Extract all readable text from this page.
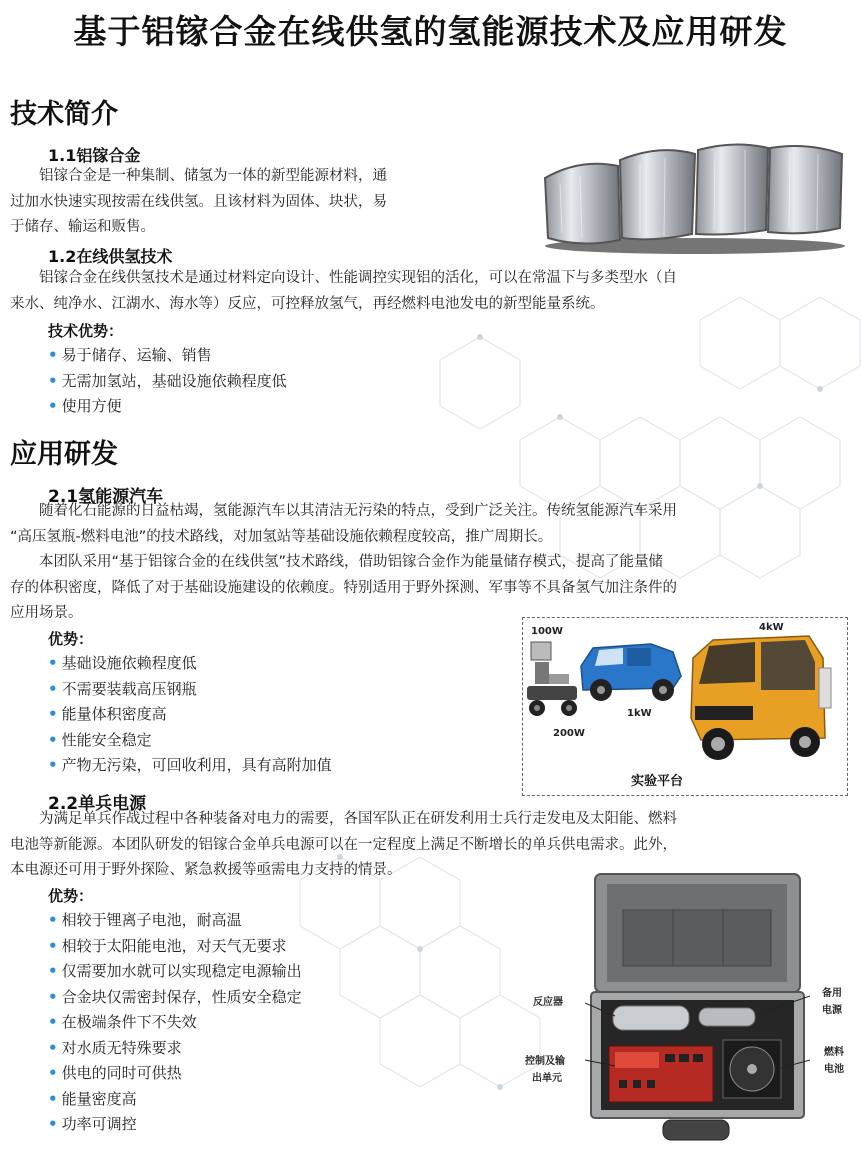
基于铝镓合金在线供氢的氢能源技术及应用研发
技术简介
1.1铝镓合金
铝镓合金是一种集制、储氢为一体的新型能源材料，通
过加水快速实现按需在线供氢。且该材料为固体、块状，易
于储存、输运和贩售。
1.2在线供氢技术
铝镓合金在线供氢技术是通过材料定向设计、性能调控实现铝的活化，可以在常温下与多类型水（自
来水、纯净水、江湖水、海水等）反应，可控释放氢气，再经燃料电池发电的新型能量系统。
技术优势：
• 易于储存、运输、销售
• 无需加氢站，基础设施依赖程度低
• 使用方便
应用研发
2.1氢能源汽车
随着化石能源的日益枯竭，氢能源汽车以其清洁无污染的特点，受到广泛关注。传统氢能源汽车采用
“高压氢瓶-燃料电池”的技术路线，对加氢站等基础设施依赖程度较高，推广周期长。
本团队采用“基于铝镓合金的在线供氢”技术路线，借助铝镓合金作为能量储存模式，提高了能量储
存的体积密度，降低了对于基础设施建设的依赖度。特别适用于野外探测、军事等不具备氢气加注条件的
应用场景。
优势：
• 基础设施依赖程度低
• 不需要装载高压钢瓶
• 能量体积密度高
• 性能安全稳定
• 产物无污染，可回收利用，具有高附加值
100W
200W
1kW
4kW
实验平台
2.2单兵电源
为满足单兵作战过程中各种装备对电力的需要，各国军队正在研发利用士兵行走发电及太阳能、燃料
电池等新能源。本团队研发的铝镓合金单兵电源可以在一定程度上满足不断增长的单兵供电需求。此外，
本电源还可用于野外探险、紧急救援等亟需电力支持的情景。
优势：
• 相较于锂离子电池，耐高温
• 相较于太阳能电池，对天气无要求
• 仅需要加水就可以实现稳定电源输出
• 合金块仅需密封保存，性质安全稳定
• 在极端条件下不失效
• 对水质无特殊要求
• 供电的同时可供热
• 能量密度高
• 功率可调控
反应器
备用
电源
控制及输
出单元
燃料
电池
